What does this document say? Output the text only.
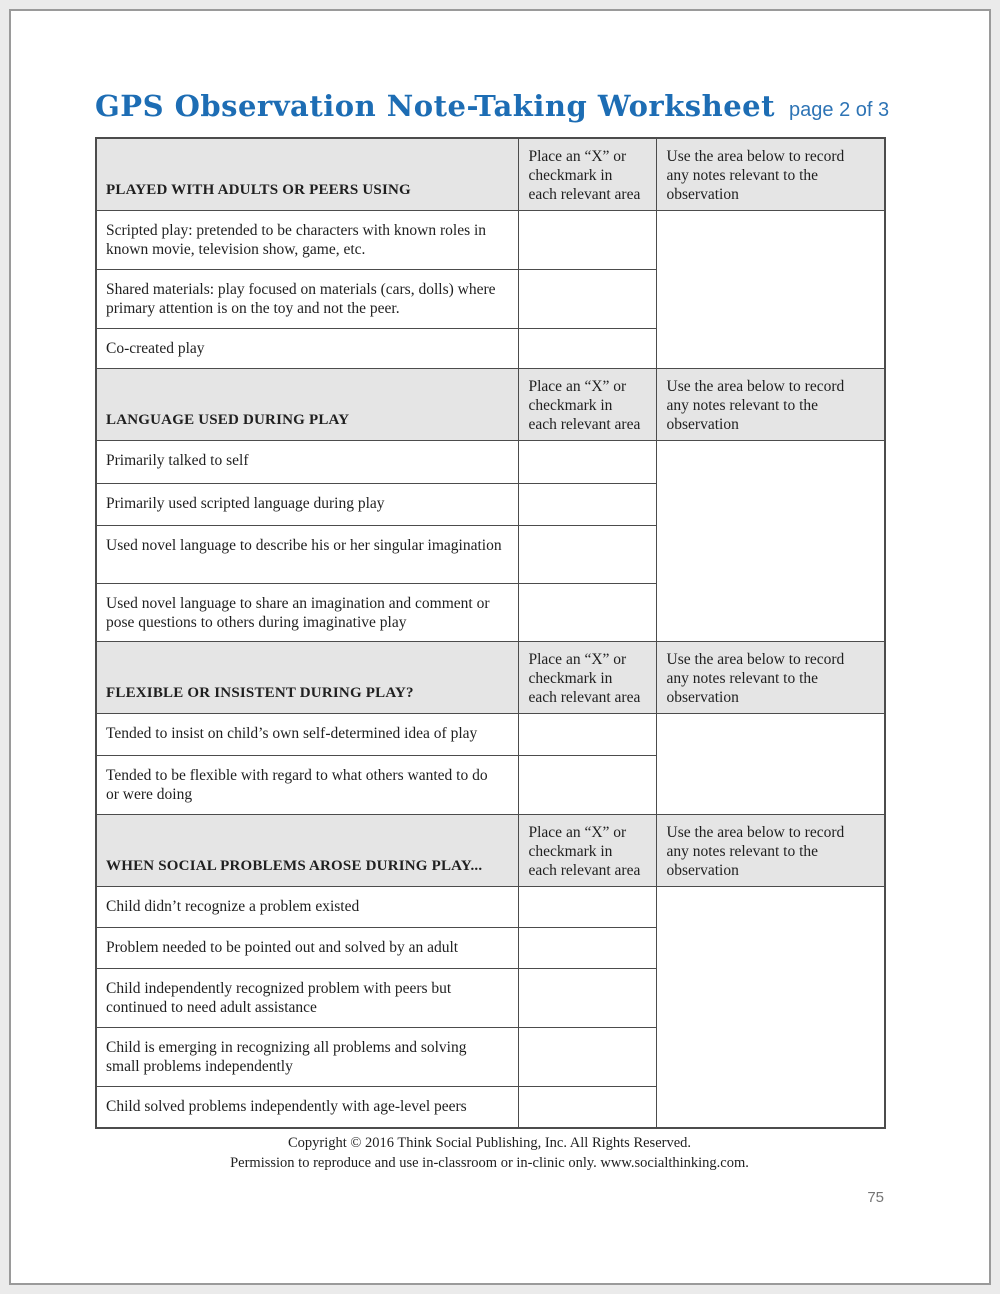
GPS Observation Note-Taking Worksheet page 2 of 3
PLAYED WITH ADULTS OR PEERS USING	Place an “X” or
checkmark in
each relevant area	Use the area below to record
any notes relevant to the
observation
Scripted play: pretended to be characters with known roles in known movie, television show, game, etc.		
Shared materials: play focused on materials (cars, dolls) where primary attention is on the toy and not the peer.		
Co-created play		
LANGUAGE USED DURING PLAY	Place an “X” or
checkmark in
each relevant area	Use the area below to record
any notes relevant to the
observation
Primarily talked to self		
Primarily used scripted language during play		
Used novel language to describe his or her singular imagination		
Used novel language to share an imagination and comment or pose questions to others during imaginative play		
FLEXIBLE OR INSISTENT DURING PLAY?	Place an “X” or
checkmark in
each relevant area	Use the area below to record
any notes relevant to the
observation
Tended to insist on child’s own self-determined idea of play		
Tended to be flexible with regard to what others wanted to do or were doing		
WHEN SOCIAL PROBLEMS AROSE DURING PLAY...	Place an “X” or
checkmark in
each relevant area	Use the area below to record
any notes relevant to the
observation
Child didn’t recognize a problem existed		
Problem needed to be pointed out and solved by an adult		
Child independently recognized problem with peers but continued to need adult assistance		
Child is emerging in recognizing all problems and solving small problems independently		
Child solved problems independently with age-level peers		
Copyright © 2016 Think Social Publishing, Inc. All Rights Reserved.
Permission to reproduce and use in-classroom or in-clinic only. www.socialthinking.com.
75
